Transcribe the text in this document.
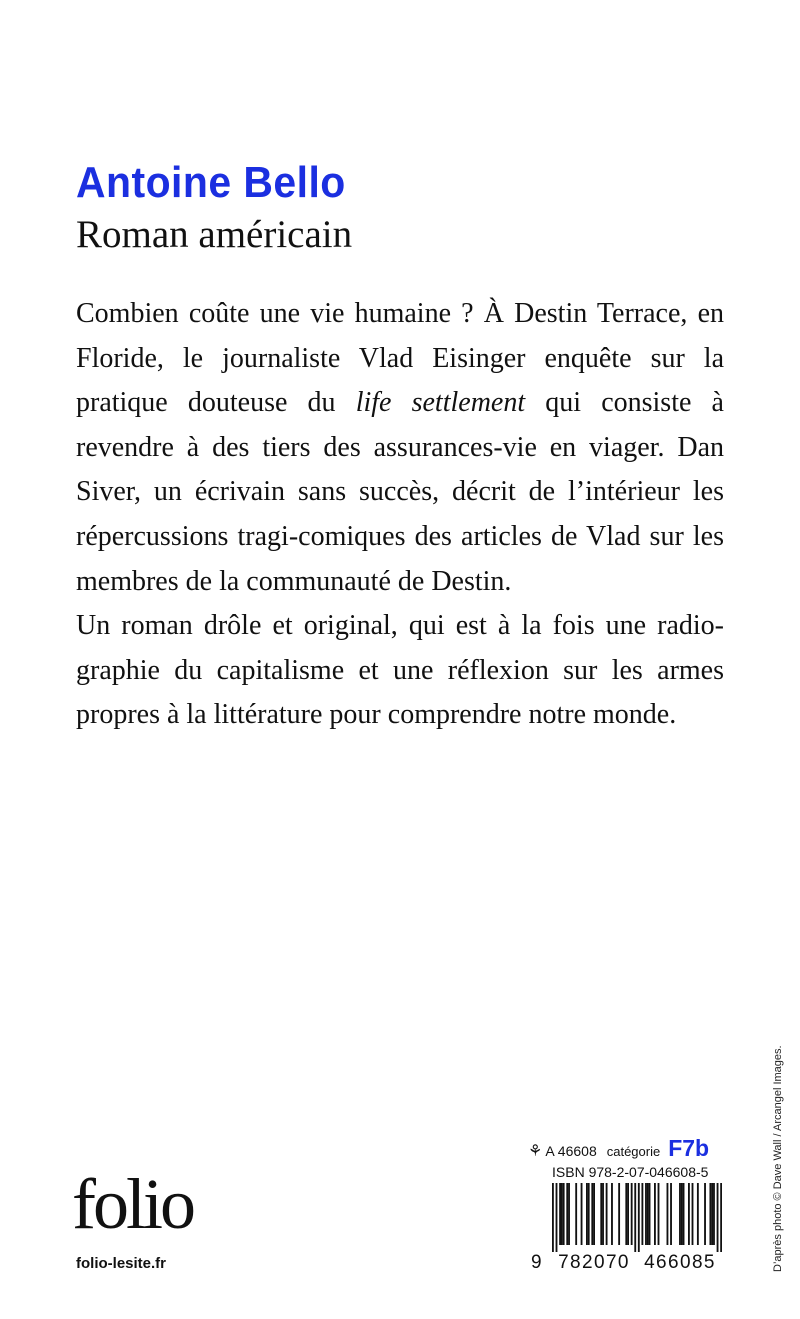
Antoine Bello
Roman américain

Combien coûte une vie humaine ? À Destin Terrace, en Floride, le journaliste Vlad Eisinger enquête sur la pratique douteuse du life settlement qui consiste à revendre à des tiers des assurances-vie en viager. Dan Siver, un écrivain sans succès, décrit de l’intérieur les répercussions tragi-comiques des articles de Vlad sur les membres de la communauté de Destin.

Un roman drôle et original, qui est à la fois une radio-graphie du capitalisme et une réflexion sur les armes propres à la littérature pour comprendre notre monde.

D’après photo © Dave Wall / Arcangel Images.
folio
folio-lesite.fr
⚘ A 46608 catégorie F7b
ISBN 978-2-07-046608-5
9 782070 466085
